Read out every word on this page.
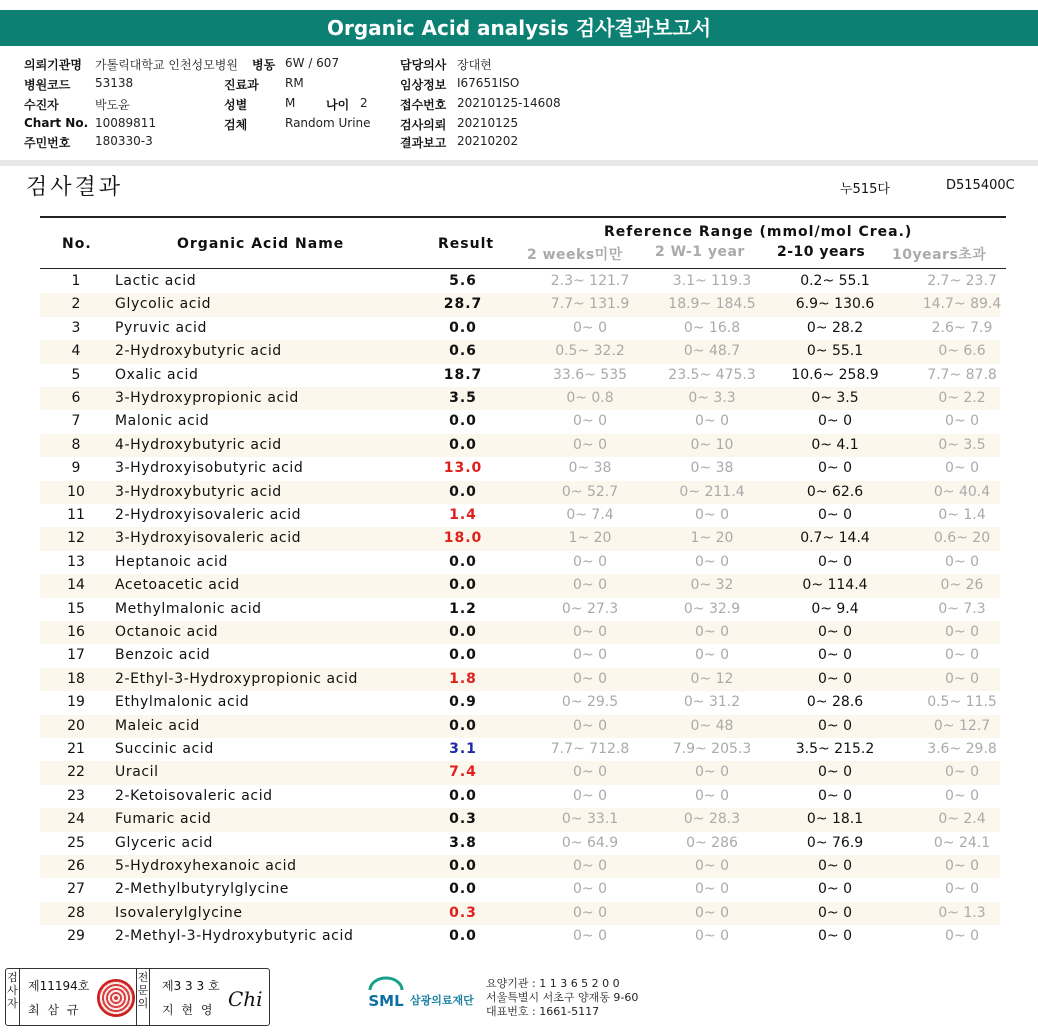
Organic Acid analysis 검사결과보고서
의뢰기관명 가톨릭대학교 인천성모병원 병동 6W / 607	담당의사 장대현
병원코드 53138	진료과 RM	임상정보 I67651ISO
수진자	박도윤	성별	M	나이 2	접수번호 20210125-14608
Chart No. 10089811	검체	Random Urine 검사의뢰 20210125
주민번호 180330-3	결과보고 20210202
검사결과	누515다	D515400C
No.	Organic Acid Name	Result
Reference Range (mmol/mol Crea.)
2 weeks미만 2 W-1 year 2-10 years 10years초과
1	Lactic acid	5.6	2.3~ 121.7	3.1~ 119.3	0.2~ 55.1	2.7~ 23.7
2	Glycolic acid	28.7	7.7~ 131.9	18.9~ 184.5	6.9~ 130.6	14.7~ 89.4
3	Pyruvic acid	0.0	0~ 0	0~ 16.8	0~ 28.2	2.6~ 7.9
4	2-Hydroxybutyric acid	0.6	0.5~ 32.2	0~ 48.7	0~ 55.1	0~ 6.6
5	Oxalic acid	18.7	33.6~ 535	23.5~ 475.3	10.6~ 258.9	7.7~ 87.8
6	3-Hydroxypropionic acid	3.5	0~ 0.8	0~ 3.3	0~ 3.5	0~ 2.2
7	Malonic acid	0.0	0~ 0	0~ 0	0~ 0	0~ 0
8	4-Hydroxybutyric acid	0.0	0~ 0	0~ 10	0~ 4.1	0~ 3.5
9	3-Hydroxyisobutyric acid	13.0	0~ 38	0~ 38	0~ 0	0~ 0
10	3-Hydroxybutyric acid	0.0	0~ 52.7	0~ 211.4	0~ 62.6	0~ 40.4
11	2-Hydroxyisovaleric acid	1.4	0~ 7.4	0~ 0	0~ 0	0~ 1.4
12	3-Hydroxyisovaleric acid	18.0	1~ 20	1~ 20	0.7~ 14.4	0.6~ 20
13	Heptanoic acid	0.0	0~ 0	0~ 0	0~ 0	0~ 0
14	Acetoacetic acid	0.0	0~ 0	0~ 32	0~ 114.4	0~ 26
15	Methylmalonic acid	1.2	0~ 27.3	0~ 32.9	0~ 9.4	0~ 7.3
16	Octanoic acid	0.0	0~ 0	0~ 0	0~ 0	0~ 0
17	Benzoic acid	0.0	0~ 0	0~ 0	0~ 0	0~ 0
18	2-Ethyl-3-Hydroxypropionic acid	1.8	0~ 0	0~ 12	0~ 0	0~ 0
19	Ethylmalonic acid	0.9	0~ 29.5	0~ 31.2	0~ 28.6	0.5~ 11.5
20	Maleic acid	0.0	0~ 0	0~ 48	0~ 0	0~ 12.7
21	Succinic acid	3.1	7.7~ 712.8	7.9~ 205.3	3.5~ 215.2	3.6~ 29.8
22	Uracil	7.4	0~ 0	0~ 0	0~ 0	0~ 0
23	2-Ketoisovaleric acid	0.0	0~ 0	0~ 0	0~ 0	0~ 0
24	Fumaric acid	0.3	0~ 33.1	0~ 28.3	0~ 18.1	0~ 2.4
25	Glyceric acid	3.8	0~ 64.9	0~ 286	0~ 76.9	0~ 24.1
26	5-Hydroxyhexanoic acid	0.0	0~ 0	0~ 0	0~ 0	0~ 0
27	2-Methylbutyrylglycine	0.0	0~ 0	0~ 0	0~ 0	0~ 0
28	Isovalerylglycine	0.3	0~ 0	0~ 0	0~ 0	0~ 1.3
29	2-Methyl-3-Hydroxybutyric acid	0.0	0~ 0	0~ 0	0~ 0	0~ 0
검사자
제11194호
최 삼 규
전문의
제3 3 3 호
지 현 영 Chi	SML 삼광의료재단
요양기관 : 1 1 3 6 5 2 0 0
서울특별시 서초구 양재동 9-60
대표번호 : 1661-5117
